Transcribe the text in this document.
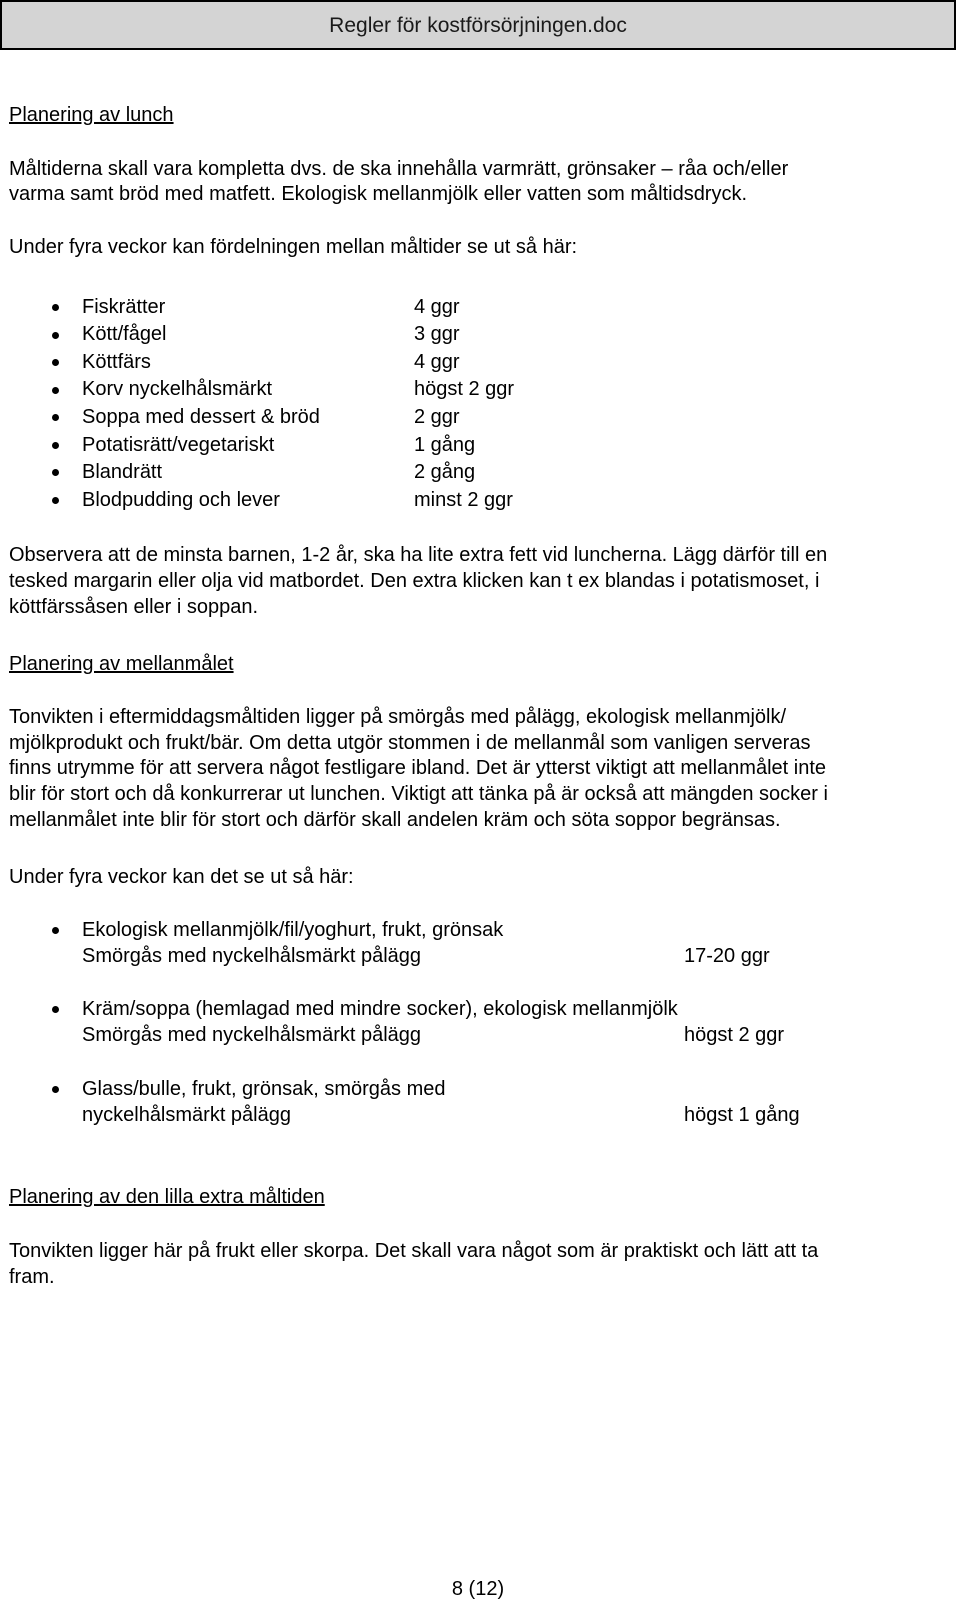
Regler för kostförsörjningen.doc
Planering av lunch
Måltiderna skall vara kompletta dvs. de ska innehålla varmrätt, grönsaker – råa och/eller
varma samt bröd med matfett. Ekologisk mellanmjölk eller vatten som måltidsdryck.
Under fyra veckor kan fördelningen mellan måltider se ut så här:
Fiskrätter	4 ggr
Kött/fågel	3 ggr
Köttfärs	4 ggr
Korv nyckelhålsmärkt	högst 2 ggr
Soppa med dessert & bröd	2 ggr
Potatisrätt/vegetariskt	1 gång
Blandrätt	2 gång
Blodpudding och lever	minst 2 ggr
Observera att de minsta barnen, 1-2 år, ska ha lite extra fett vid luncherna. Lägg därför till en
tesked margarin eller olja vid matbordet. Den extra klicken kan t ex blandas i potatismoset, i
köttfärssåsen eller i soppan.
Planering av mellanmålet
Tonvikten i eftermiddagsmåltiden ligger på smörgås med pålägg, ekologisk mellanmjölk/
mjölkprodukt och frukt/bär. Om detta utgör stommen i de mellanmål som vanligen serveras
finns utrymme för att servera något festligare ibland. Det är ytterst viktigt att mellanmålet inte
blir för stort och då konkurrerar ut lunchen. Viktigt att tänka på är också att mängden socker i
mellanmålet inte blir för stort och därför skall andelen kräm och söta soppor begränsas.
Under fyra veckor kan det se ut så här:
Ekologisk mellanmjölk/fil/yoghurt, frukt, grönsak
Smörgås med nyckelhålsmärkt pålägg	17-20 ggr
Kräm/soppa (hemlagad med mindre socker), ekologisk mellanmjölk
Smörgås med nyckelhålsmärkt pålägg	högst 2 ggr
Glass/bulle, frukt, grönsak, smörgås med
nyckelhålsmärkt pålägg	högst 1 gång
Planering av den lilla extra måltiden
Tonvikten ligger här på frukt eller skorpa. Det skall vara något som är praktiskt och lätt att ta
fram.
8 (12)
